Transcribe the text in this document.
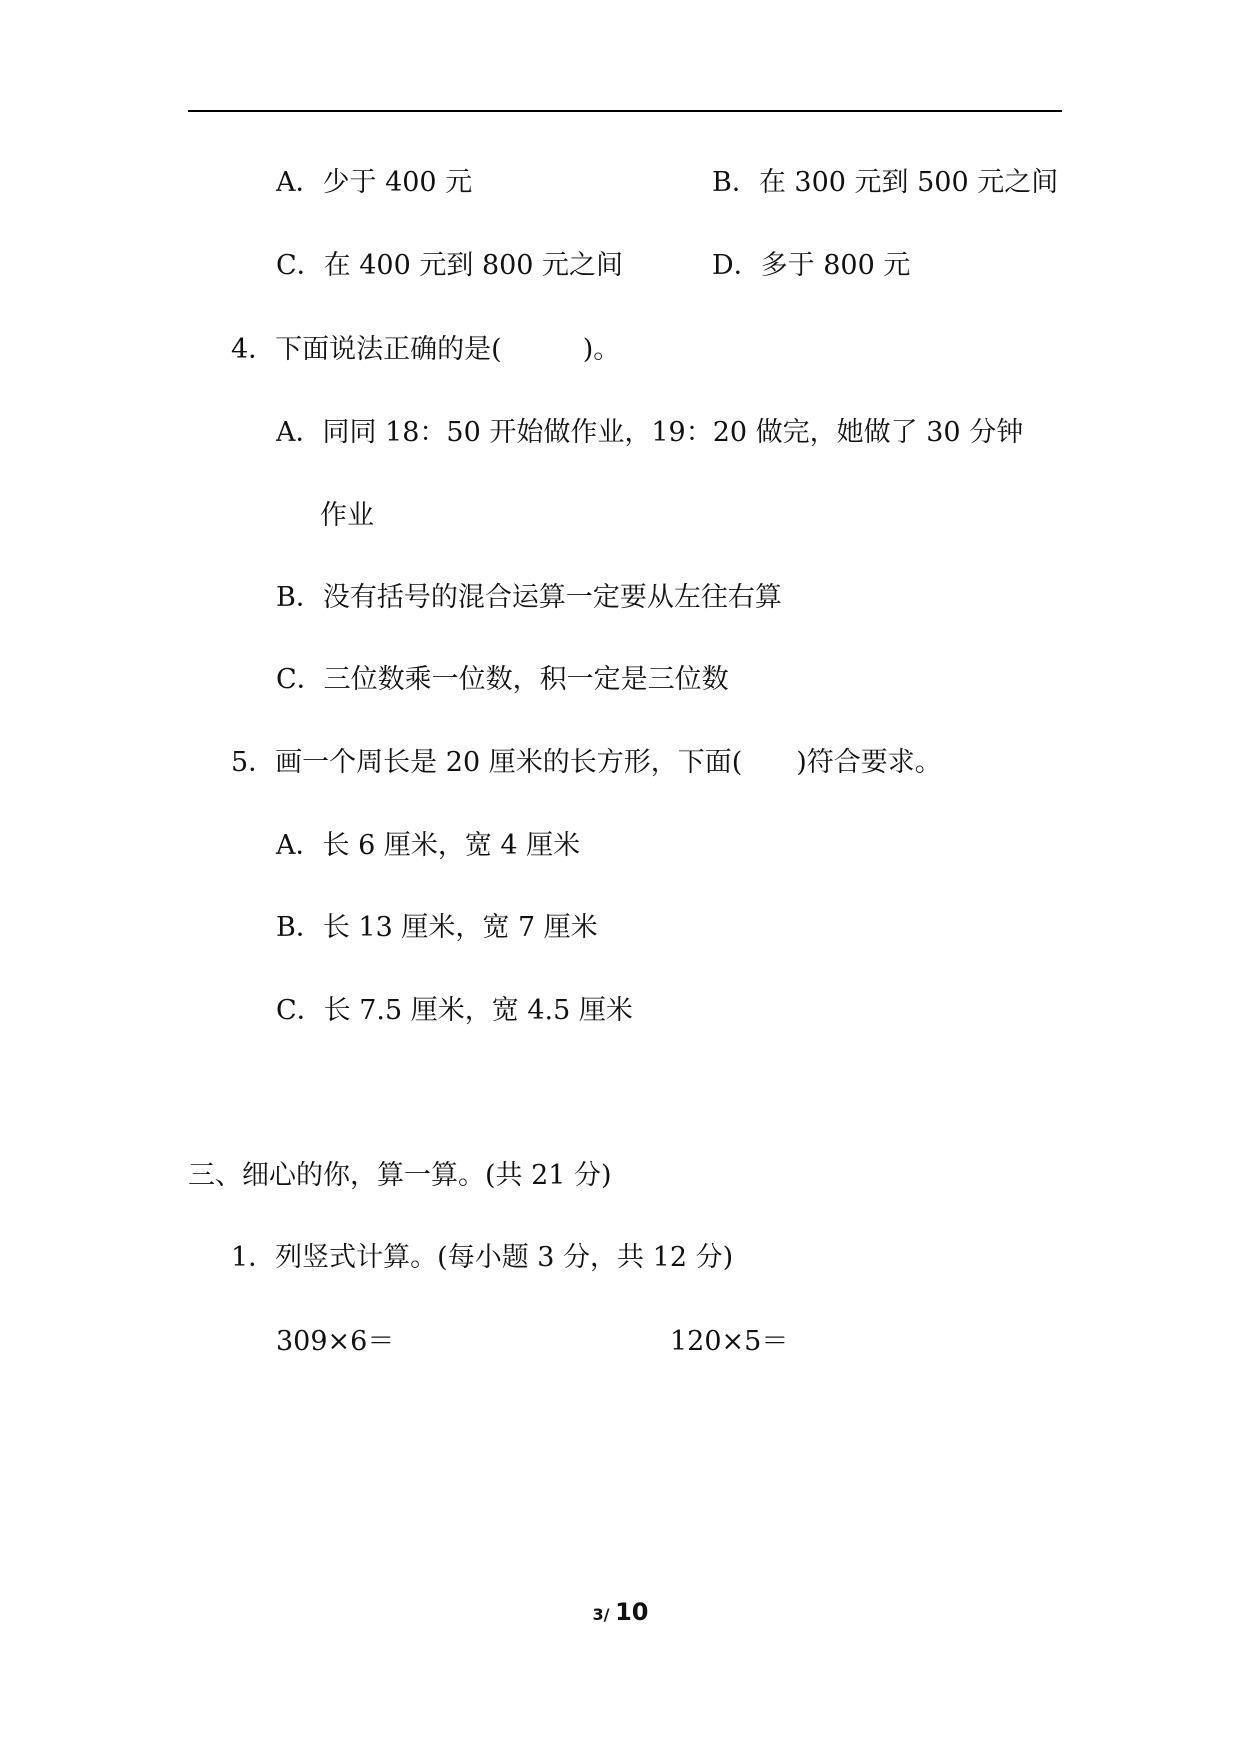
A．少于 400 元	B．在 300 元到 500 元之间
C．在 400 元到 800 元之间	D．多于 800 元
4．下面说法正确的是(　　　)。
A．同同 18：50 开始做作业，19：20 做完，她做了 30 分钟
作业
B．没有括号的混合运算一定要从左往右算
C．三位数乘一位数，积一定是三位数
5．画一个周长是 20 厘米的长方形，下面(　　)符合要求。
A．长 6 厘米，宽 4 厘米
B．长 13 厘米，宽 7 厘米
C．长 7.5 厘米，宽 4.5 厘米
三、细心的你，算一算。(共 21 分)
1．列竖式计算。(每小题 3 分，共 12 分)
309×6＝	120×5＝
3/ 10
